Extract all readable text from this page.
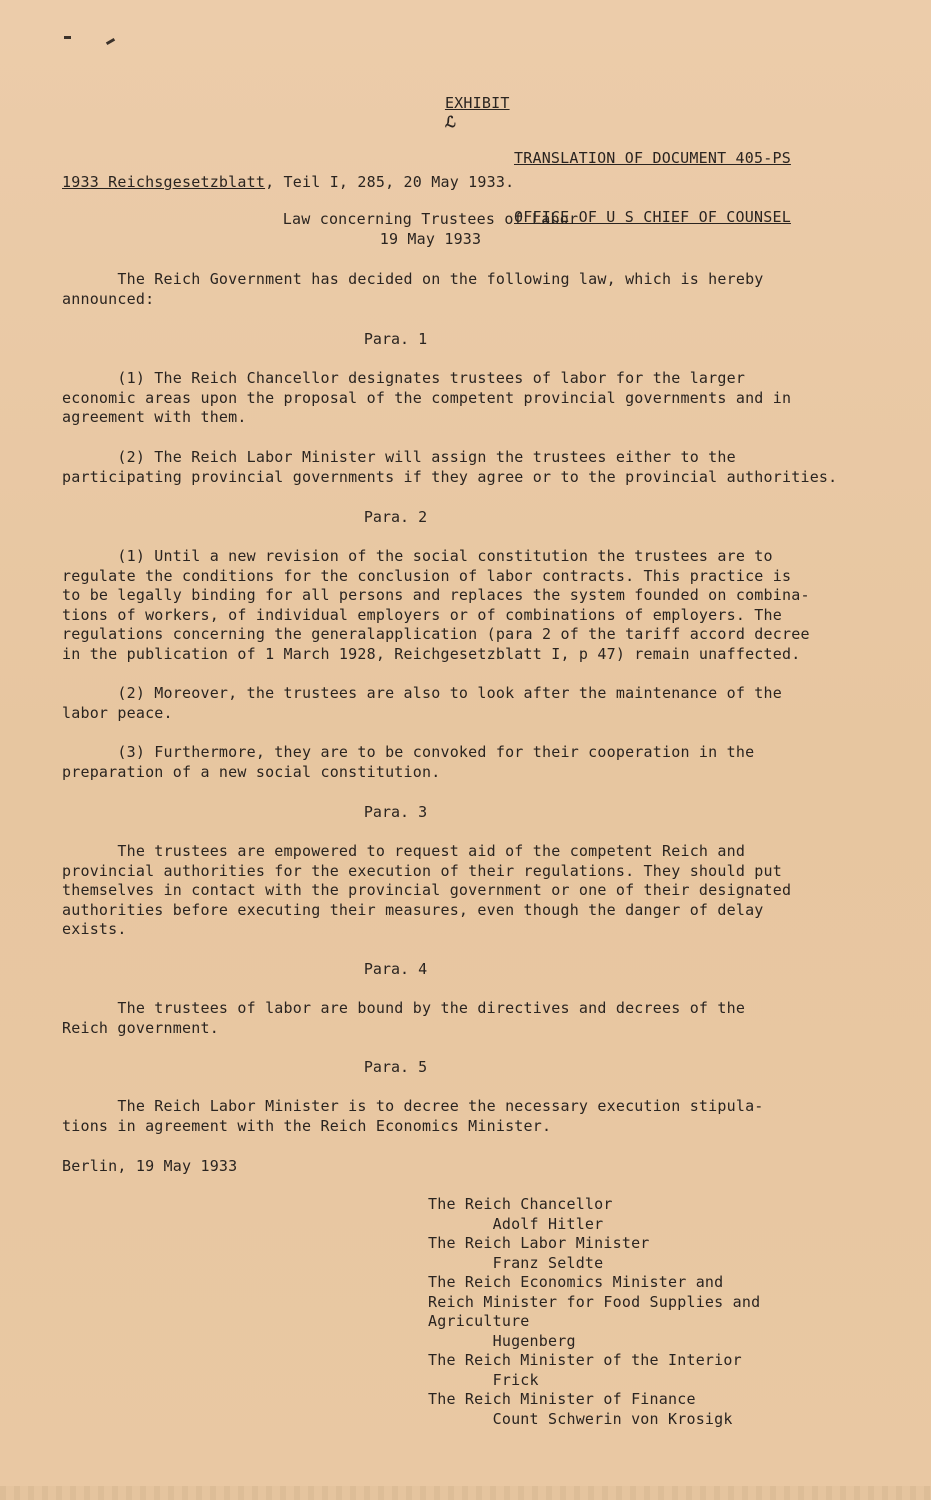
EXHIBIT
ℒ

TRANSLATION OF DOCUMENT 405-PS

OFFICE OF U S CHIEF OF COUNSEL

1933 Reichsgesetzblatt, Teil I, 285, 20 May 1933.
Law concerning Trustees of Labor
19 May 1933
The Reich Government has decided on the following law, which is hereby
announced:
Para. 1
(1) The Reich Chancellor designates trustees of labor for the larger
economic areas upon the proposal of the competent provincial governments and in
agreement with them.
(2) The Reich Labor Minister will assign the trustees either to the
participating provincial governments if they agree or to the provincial authorities.
Para. 2
(1) Until a new revision of the social constitution the trustees are to
regulate the conditions for the conclusion of labor contracts. This practice is
to be legally binding for all persons and replaces the system founded on combina-
tions of workers, of individual employers or of combinations of employers. The
regulations concerning the generalapplication (para 2 of the tariff accord decree
in the publication of 1 March 1928, Reichgesetzblatt I, p 47) remain unaffected.
(2) Moreover, the trustees are also to look after the maintenance of the
labor peace.
(3) Furthermore, they are to be convoked for their cooperation in the
preparation of a new social constitution.
Para. 3
The trustees are empowered to request aid of the competent Reich and
provincial authorities for the execution of their regulations. They should put
themselves in contact with the provincial government or one of their designated
authorities before executing their measures, even though the danger of delay
exists.
Para. 4
The trustees of labor are bound by the directives and decrees of the
Reich government.
Para. 5
The Reich Labor Minister is to decree the necessary execution stipula-
tions in agreement with the Reich Economics Minister.
Berlin, 19 May 1933
The Reich Chancellor
Adolf Hitler
The Reich Labor Minister
Franz Seldte
The Reich Economics Minister and
Reich Minister for Food Supplies and
Agriculture
Hugenberg
The Reich Minister of the Interior
Frick
The Reich Minister of Finance
Count Schwerin von Krosigk
